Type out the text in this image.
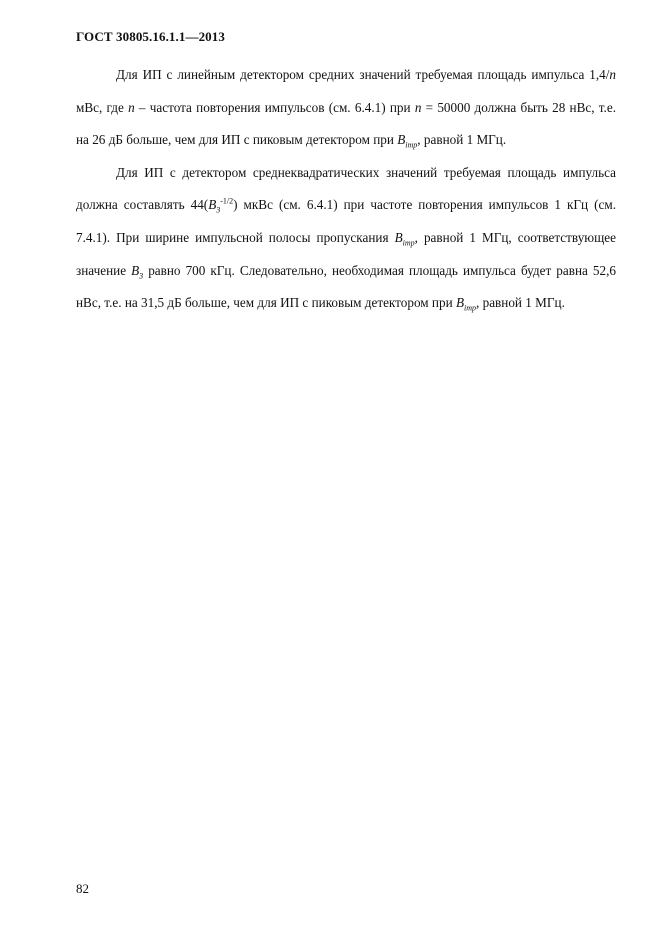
ГОСТ 30805.16.1.1—2013

Для ИП с линейным детектором средних значений требуемая площадь импульса 1,4/n мВс, где n – частота повторения импульсов (см. 6.4.1) при n = 50000 должна быть 28 нВс, т.е. на 26 дБ больше, чем для ИП с пиковым детектором при $B_{imp}$, равной 1 МГц.

Для ИП с детектором среднеквадратических значений требуемая площадь импульса должна составлять $44(B_3^{-1/2})$ мкВс (см. 6.4.1) при частоте повторения импульсов 1 кГц (см. 7.4.1). При ширине импульсной полосы пропускания $B_{imp}$, равной 1 МГц, соответствующее значение $B_3$ равно 700 кГц. Следовательно, необходимая площадь импульса будет равна 52,6 нВс, т.е. на 31,5 дБ больше, чем для ИП с пиковым детектором при $B_{imp}$, равной 1 МГц.

82
